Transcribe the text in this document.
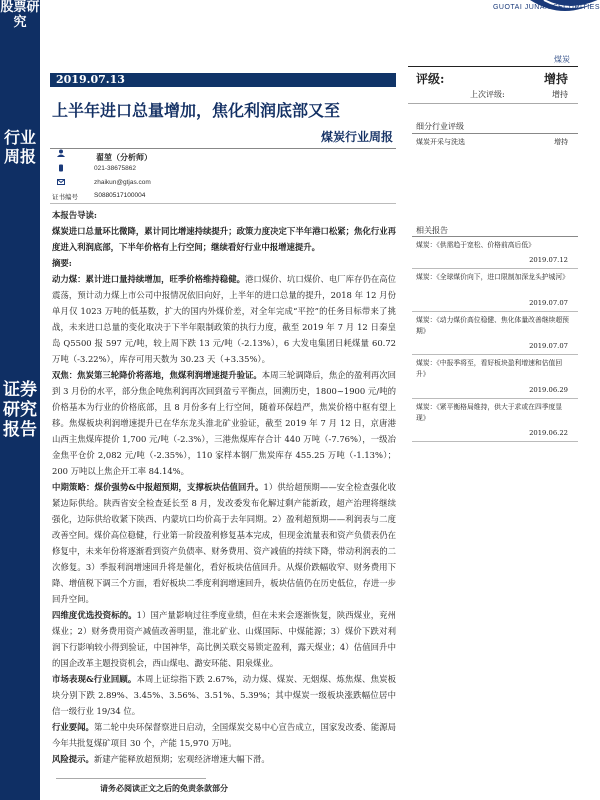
股票研究
行业周报
证券研究报告
GUOTAI JUNAN SECURITIES
煤炭
2019.07.13
上半年进口总量增加，焦化利润底部又至
煤炭行业周报
评级:	增持
上次评级:	增持
细分行业评级
煤炭开采与洗选	增持
翟堃（分析师）
021-38675862
zhaikun@gtjas.com
证书编号 S0880517100004

本报告导读:

煤炭进口总量环比微降，累计同比增速持续提升；政策力度决定下半年港口松紧；焦化行业再度进入利润底部，下半年价格有上行空间；继续看好行业中报增速提升。

摘要:

动力煤：累计进口量持续增加，旺季价格维持稳健。港口煤价、坑口煤价、电厂库存仍在高位震荡，预计动力煤上市公司中报情况依旧向好，上半年的进口总量的提升，2018 年 12 月份单月仅 1023 万吨的低基数，扩大的国内外煤价差，对全年完成“平控”的任务目标带来了挑战，未来进口总量的变化取决于下半年限制政策的执行力度，截至 2019 年 7 月 12 日秦皇岛 Q5500 报 597 元/吨，较上周下跌 13 元/吨（-2.13%），6 大发电集团日耗煤量 60.72 万吨（-3.22%），库存可用天数为 30.23 天（+3.35%）。

双焦：焦炭第三轮降价将落地，焦煤利润增速提升验证。本周三轮调降后，焦企的盈利再次回到 3 月份的水平，部分焦企吨焦利润再次回到盈亏平衡点，回溯历史，1800~1900 元/吨的价格基本为行业的价格底部，且 8 月份多有上行空间，随着环保趋严，焦炭价格中枢有望上移。焦煤板块利润增速提升已在华东龙头淮北矿业验证，截至 2019 年 7 月 12 日，京唐港山西主焦煤库提价 1,700 元/吨（-2.3%），三港焦煤库存合计 440 万吨（-7.76%），一级冶金焦平仓价 2,082 元/吨（-2.35%），110 家样本钢厂焦炭库存 455.25 万吨（-1.13%）；200 万吨以上焦企开工率 84.14%。

中期策略：煤价强势&中报超预期，支撑板块估值回升。1）供给超预期——安全检查强化收紧边际供给。陕西省安全检查延长至 8 月，发改委发布化解过剩产能新政，超产治理将继续强化，边际供给收紧下陕西、内蒙坑口均价高于去年同期。2）盈利超预期——利润表与二度改善空间。煤价高位稳健，行业第一阶段盈利修复基本完成，但现金流量表和资产负债表仍在修复中，未来年份将逐渐看到资产负债率、财务费用、资产减值的持续下降，带动利润表的二次修复。3）季报利润增速回升将是催化，看好板块估值回升。从煤价跌幅收窄、财务费用下降、增值税下调三个方面，看好板块二季度利润增速回升，板块估值仍在历史低位，存进一步回升空间。

四维度优选投资标的。1）国产量影响过往季度业绩，但在未来会逐渐恢复，陕西煤业，兖州煤业；2）财务费用资产减值改善明显，淮北矿业、山煤国际、中煤能源；3）煤价下跌对利润下行影响较小得到验证，中国神华，高比例关联交易锁定盈利，露天煤业；4）估值回升中的国企改革主题投资机会，西山煤电、潞安环能、阳泉煤业。

市场表现&行业回顾。本周上证综指下跌 2.67%，动力煤、煤炭、无烟煤、炼焦煤、焦炭板块分别下跌 2.89%、3.45%、3.56%、3.51%、5.39%；其中煤炭一级板块涨跌幅位居中信一级行业 19/34 位。

行业要闻。第二轮中央环保督察进日启动，全国煤炭交易中心宣告成立，国家发改委、能源局今年共批复煤矿项目 30 个，产能 15,970 万吨。

风险提示。新建产能释放超预期；宏观经济增速大幅下滑。

相关报告
煤炭：《供需趋于宽松、价格前高后低》
2019.07.12
煤炭：《全球煤价向下，进口限制加深龙头护城河》
2019.07.07
煤炭：《动力煤价高位稳健、焦化体量改善继续超预期》
2019.07.07
煤炭：《中报季将至，看好板块盈利增速和估值回升》
2019.06.29
煤炭：《紧平衡格局维持，供大于求或在四季度显现》
2019.06.22
请务必阅读正文之后的免责条款部分
